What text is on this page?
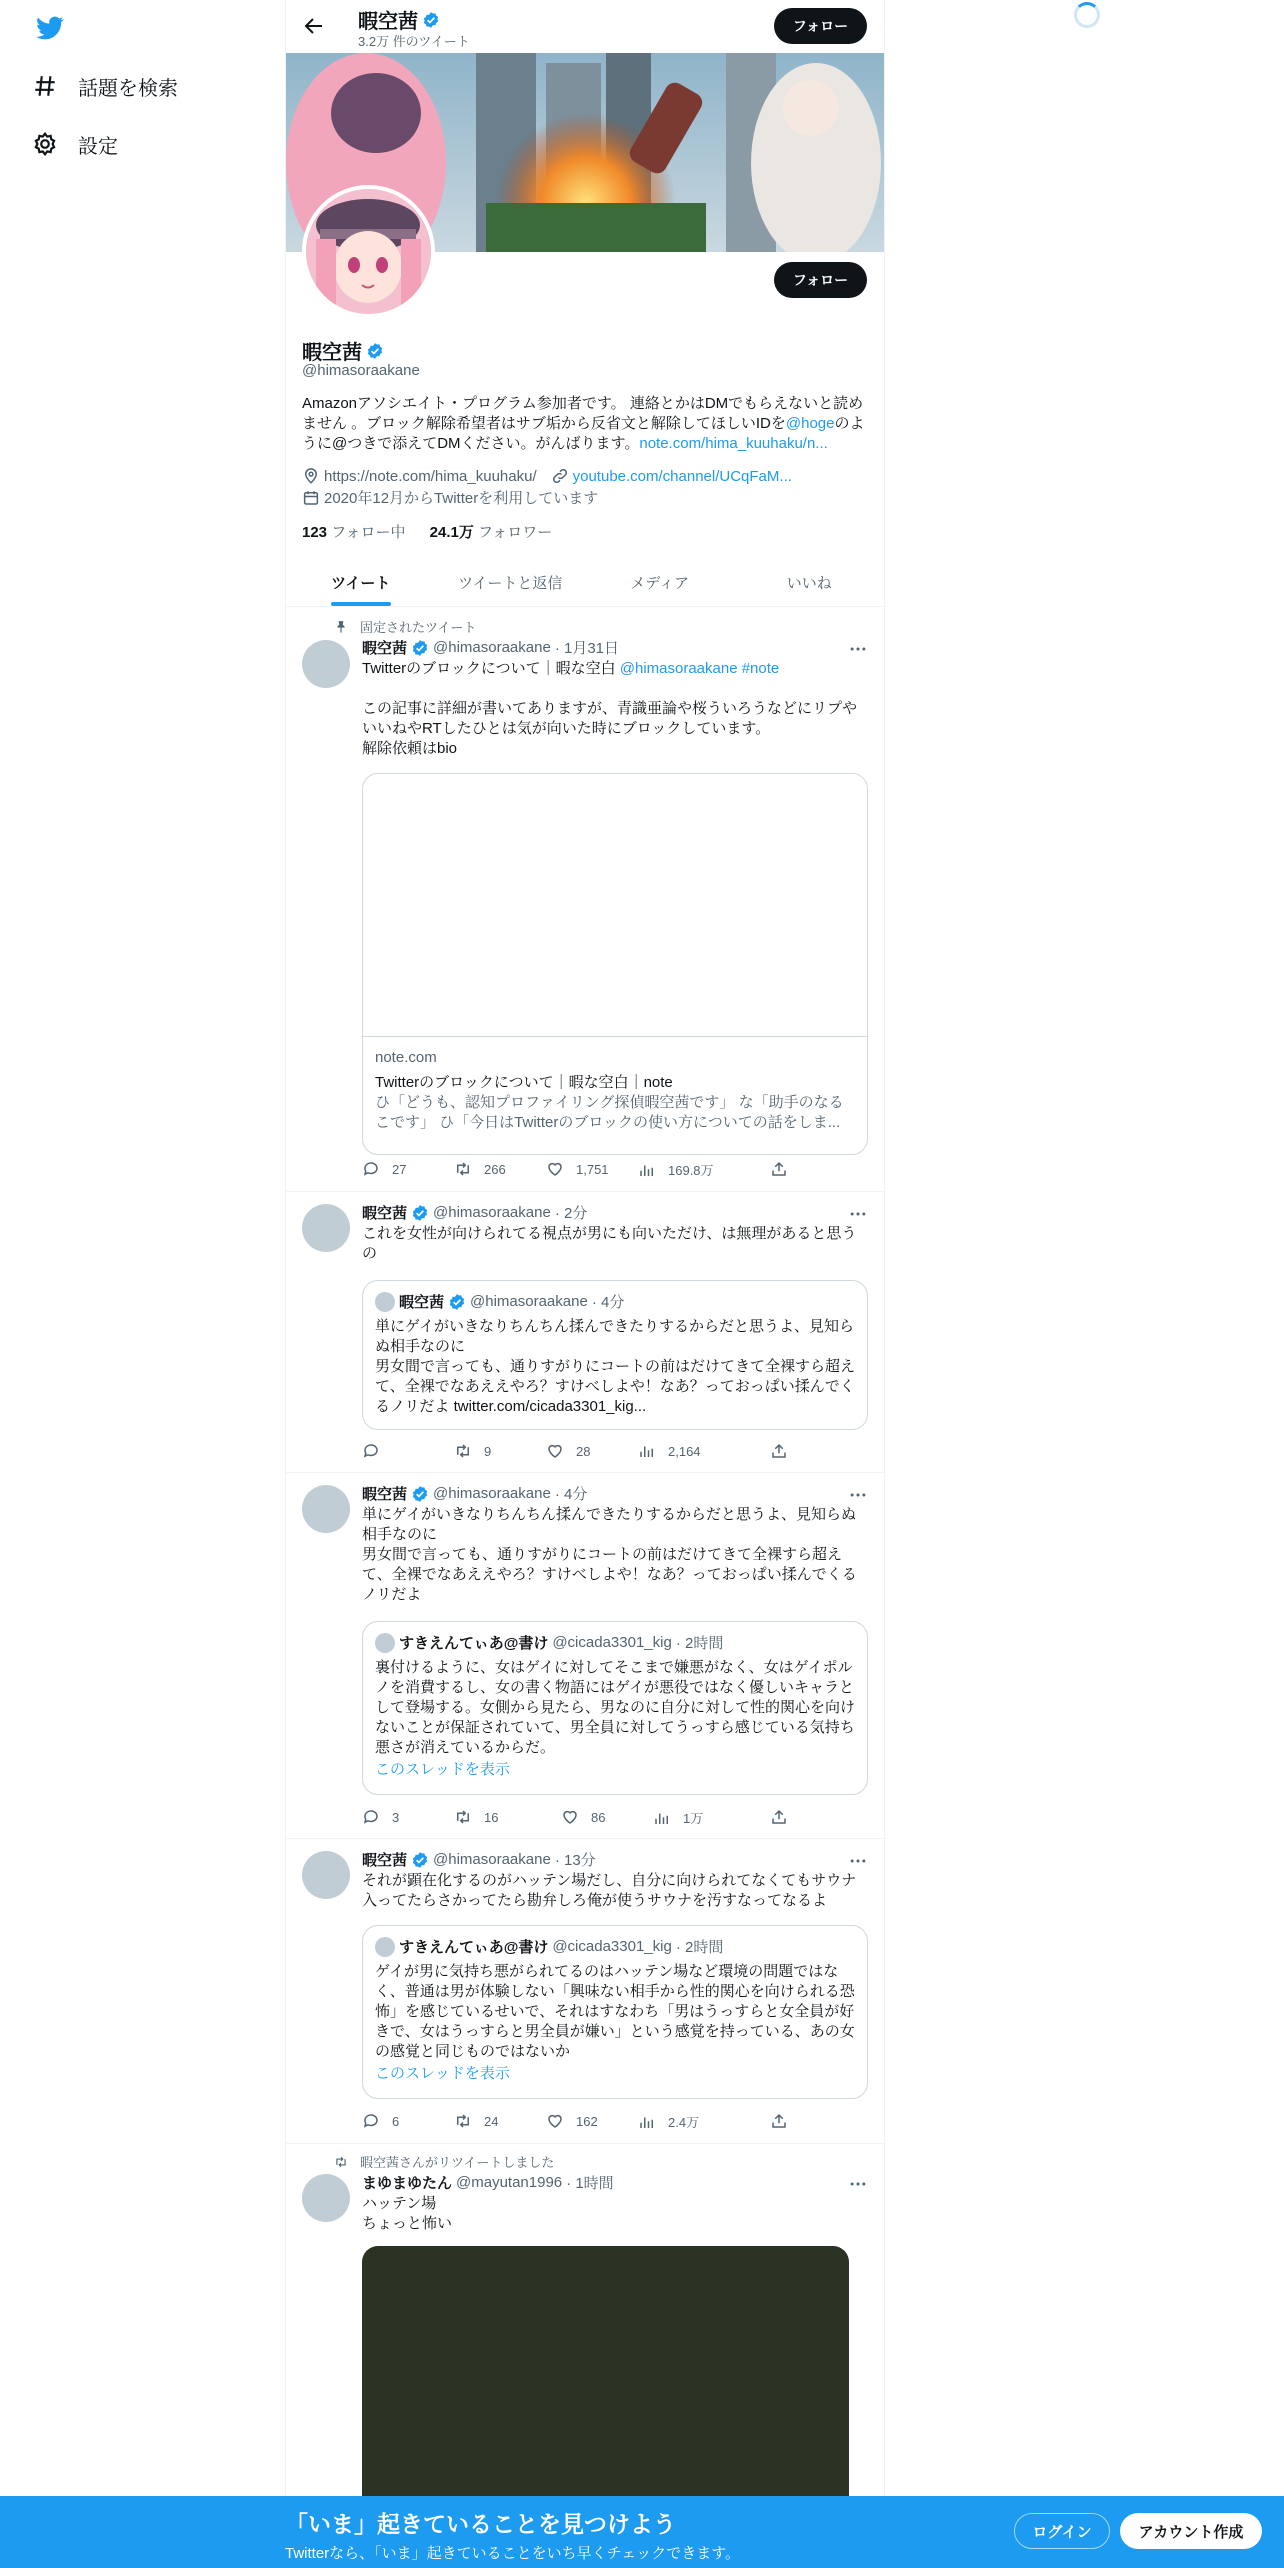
話題を検索
設定
暇空茜
3.2万 件のツイート
フォロー
フォロー
暇空茜
@himasoraakane
Amazonアソシエイト・プログラム参加者です。 連絡とかはDMでもらえないと読めません 。ブロック解除希望者はサブ垢から反省文と解除してほしいIDを@hogeのように@つきで添えてDMください。がんばります。note.com/hima_kuuhaku/n...
https://note.com/hima_kuuhaku/ youtube.com/channel/UCqFaM...
2020年12月からTwitterを利用しています
123 フォロー中 24.1万 フォロワー
ツイート	ツイートと返信	メディア	いいね
固定されたツイート
暇空茜 @himasoraakane · 1月31日
Twitterのブロックについて｜暇な空白 @himasoraakane #note
この記事に詳細が書いてありますが、青識亜論や桜ういろうなどにリプやいいねやRTしたひとは気が向いた時にブロックしています。
解除依頼はbio
note.com
Twitterのブロックについて｜暇な空白｜note
ひ「どうも、認知プロファイリング探偵暇空茜です」 な「助手のなるこです」 ひ「今日はTwitterのブロックの使い方についての話をしま...
27	266	1,751	169.8万
暇空茜 @himasoraakane · 2分
これを女性が向けられてる視点が男にも向いただけ、は無理があると思うの
暇空茜 @himasoraakane · 4分
単にゲイがいきなりちんちん揉んできたりするからだと思うよ、見知らぬ相手なのに
男女間で言っても、通りすがりにコートの前はだけてきて全裸すら超えて、全裸でなあええやろ？すけべしよや！なあ？っておっぱい揉んでくるノリだよ twitter.com/cicada3301_kig...
9	28	2,164
暇空茜 @himasoraakane · 4分
単にゲイがいきなりちんちん揉んできたりするからだと思うよ、見知らぬ相手なのに
男女間で言っても、通りすがりにコートの前はだけてきて全裸すら超えて、全裸でなあええやろ？すけべしよや！なあ？っておっぱい揉んでくるノリだよ
すきえんてぃあ@書け @cicada3301_kig · 2時間
裏付けるように、女はゲイに対してそこまで嫌悪がなく、女はゲイポルノを消費するし、女の書く物語にはゲイが悪役ではなく優しいキャラとして登場する。女側から見たら、男なのに自分に対して性的関心を向けないことが保証されていて、男全員に対してうっすら感じている気持ち悪さが消えているからだ。
このスレッドを表示
3	16	86	1万
暇空茜 @himasoraakane · 13分
それが顕在化するのがハッテン場だし、自分に向けられてなくてもサウナ入ってたらさかってたら勘弁しろ俺が使うサウナを汚すなってなるよ
すきえんてぃあ@書け @cicada3301_kig · 2時間
ゲイが男に気持ち悪がられてるのはハッテン場など環境の問題ではなく、普通は男が体験しない「興味ない相手から性的関心を向けられる恐怖」を感じているせいで、それはすなわち「男はうっすらと女全員が好きで、女はうっすらと男全員が嫌い」という感覚を持っている、あの女の感覚と同じものではないか
このスレッドを表示
6	24	162	2.4万
暇空茜さんがリツイートしました
まゆまゆたん @mayutan1996 · 1時間
ハッテン場
ちょっと怖い
「いま」起きていることを見つけよう
Twitterなら、「いま」起きていることをいち早くチェックできます。
ログイン	アカウント作成
